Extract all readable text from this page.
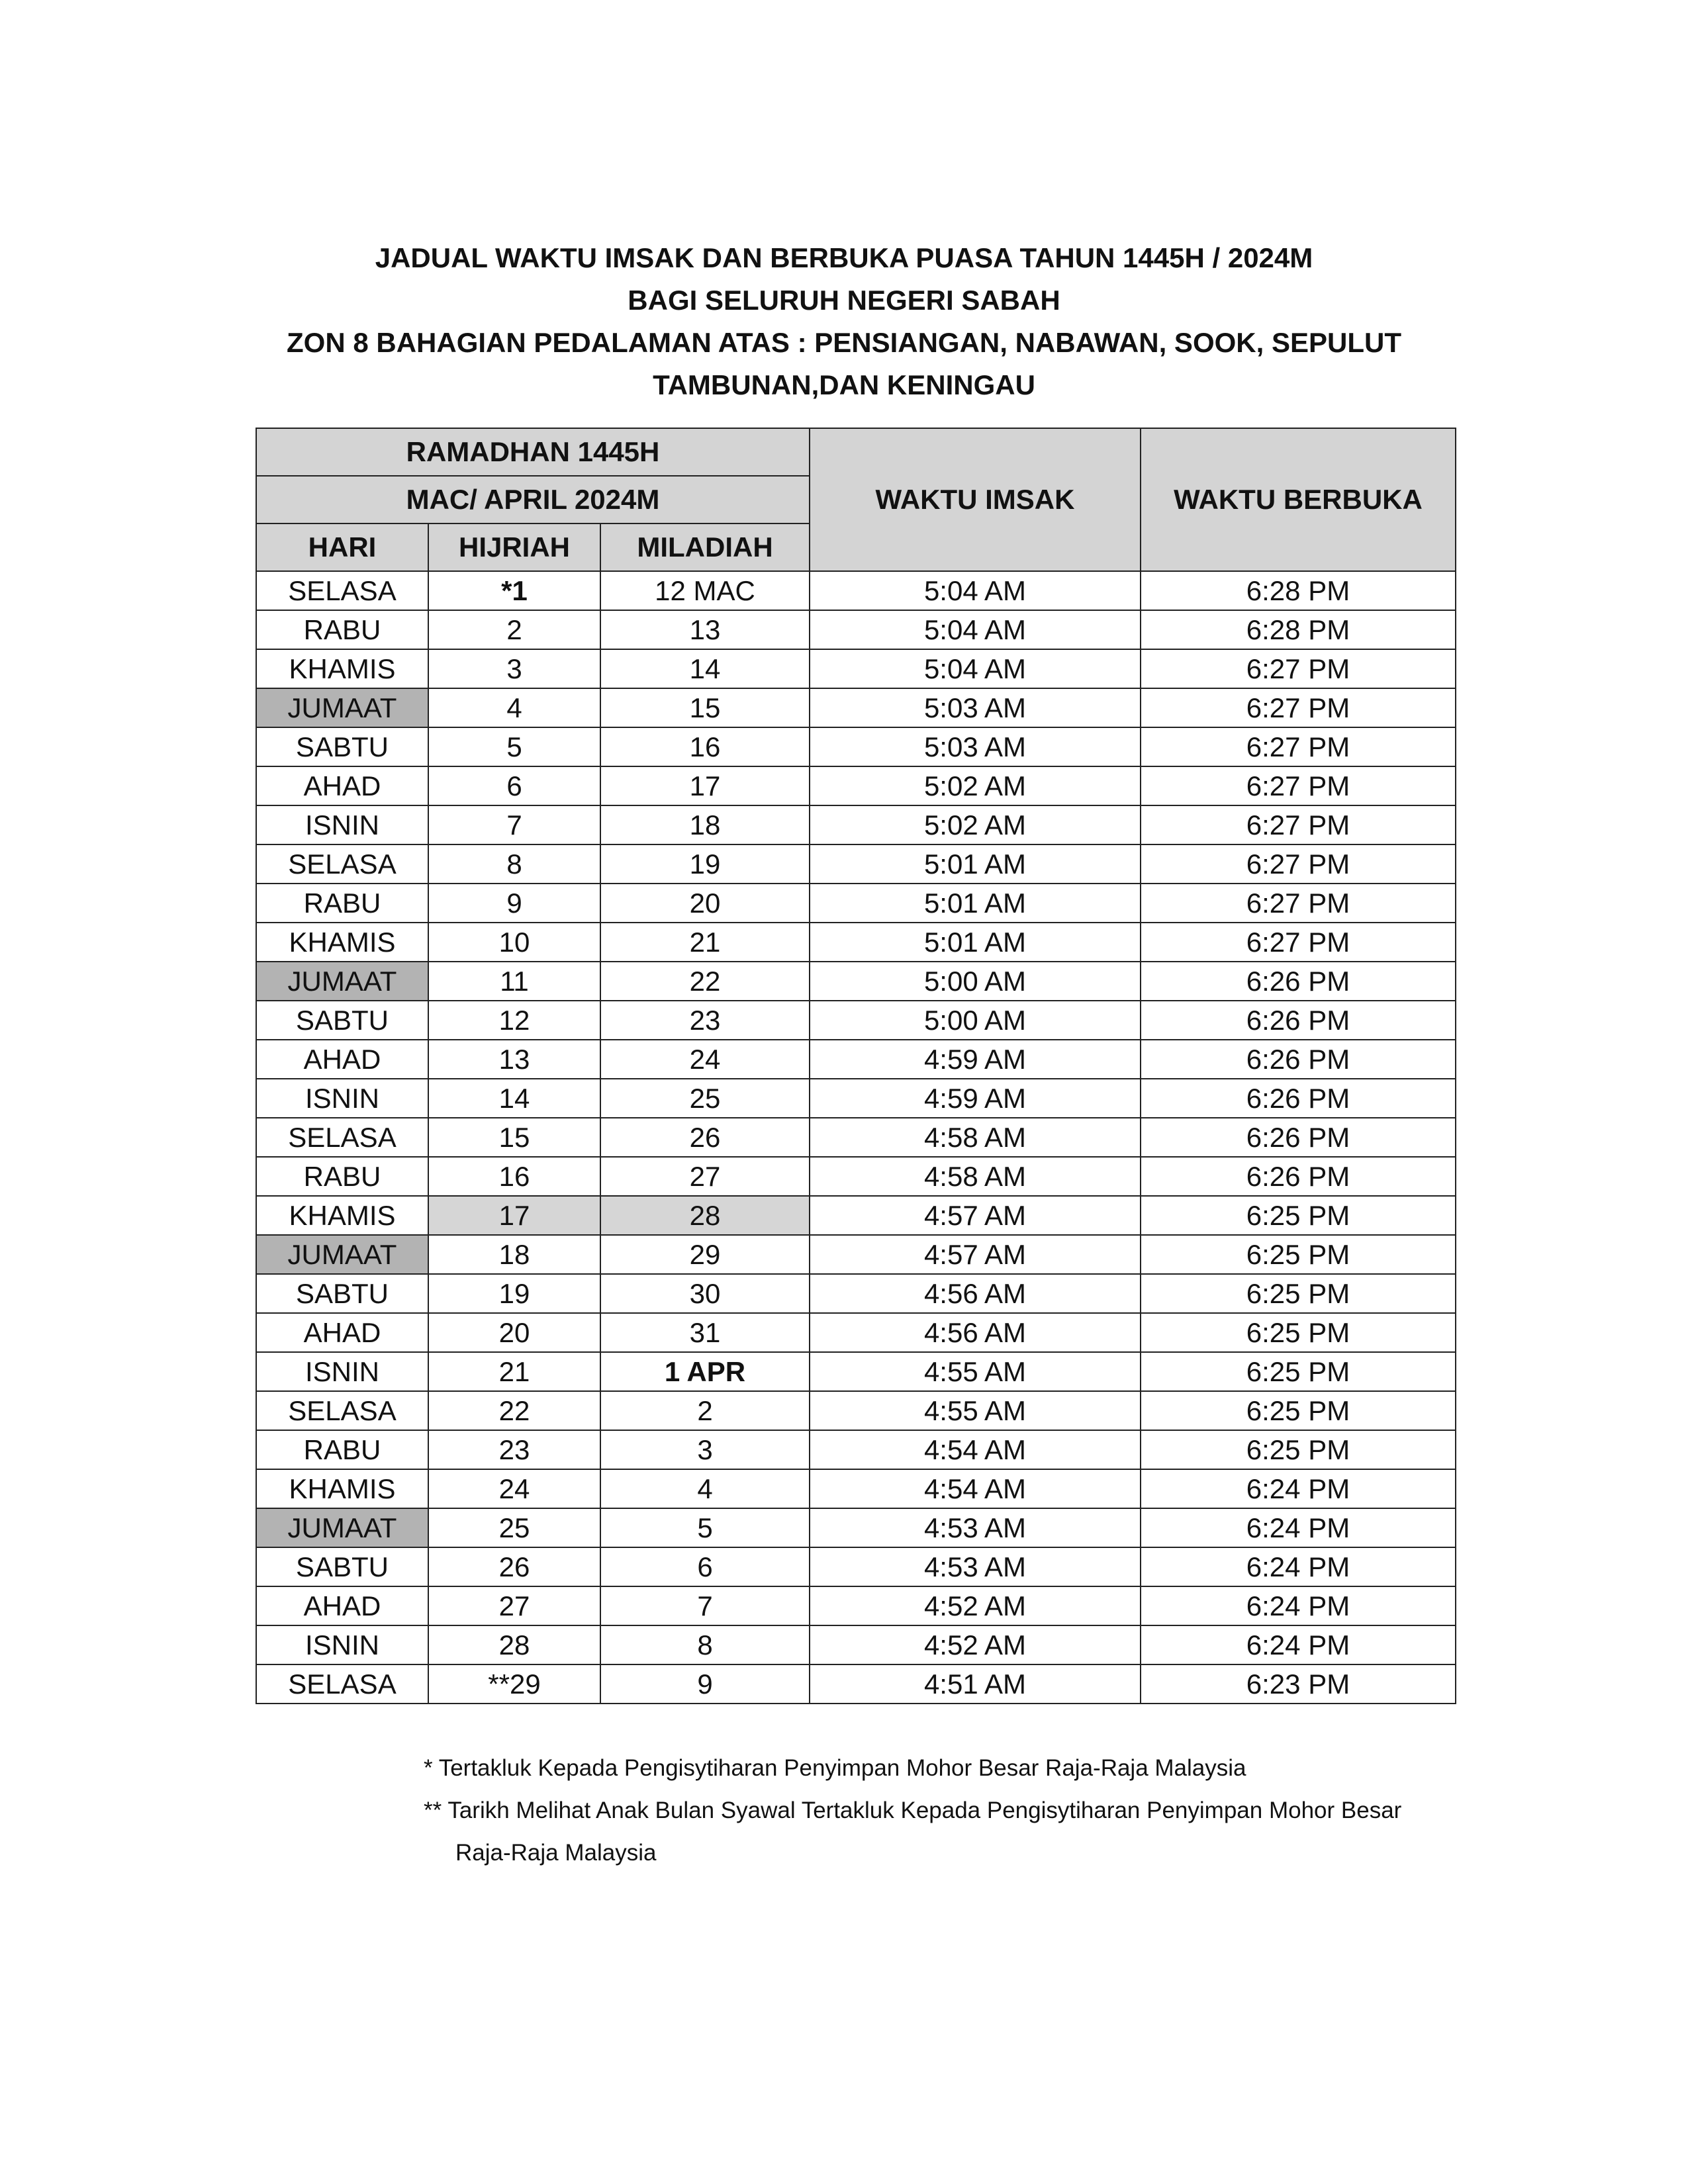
JADUAL WAKTU IMSAK DAN BERBUKA PUASA TAHUN 1445H / 2024M
BAGI SELURUH NEGERI SABAH
ZON 8 BAHAGIAN PEDALAMAN ATAS : PENSIANGAN, NABAWAN, SOOK, SEPULUT
TAMBUNAN,DAN KENINGAU
RAMADHAN 1445H			WAKTU IMSAK	WAKTU BERBUKA
MAC/ APRIL 2024M				
HARI	HIJRIAH	MILADIAH		
SELASA	*1	12 MAC	5:04 AM	6:28 PM
RABU	2	13	5:04 AM	6:28 PM
KHAMIS	3	14	5:04 AM	6:27 PM
JUMAAT	4	15	5:03 AM	6:27 PM
SABTU	5	16	5:03 AM	6:27 PM
AHAD	6	17	5:02 AM	6:27 PM
ISNIN	7	18	5:02 AM	6:27 PM
SELASA	8	19	5:01 AM	6:27 PM
RABU	9	20	5:01 AM	6:27 PM
KHAMIS	10	21	5:01 AM	6:27 PM
JUMAAT	11	22	5:00 AM	6:26 PM
SABTU	12	23	5:00 AM	6:26 PM
AHAD	13	24	4:59 AM	6:26 PM
ISNIN	14	25	4:59 AM	6:26 PM
SELASA	15	26	4:58 AM	6:26 PM
RABU	16	27	4:58 AM	6:26 PM
KHAMIS	17	28	4:57 AM	6:25 PM
JUMAAT	18	29	4:57 AM	6:25 PM
SABTU	19	30	4:56 AM	6:25 PM
AHAD	20	31	4:56 AM	6:25 PM
ISNIN	21	1 APR	4:55 AM	6:25 PM
SELASA	22	2	4:55 AM	6:25 PM
RABU	23	3	4:54 AM	6:25 PM
KHAMIS	24	4	4:54 AM	6:24 PM
JUMAAT	25	5	4:53 AM	6:24 PM
SABTU	26	6	4:53 AM	6:24 PM
AHAD	27	7	4:52 AM	6:24 PM
ISNIN	28	8	4:52 AM	6:24 PM
SELASA	**29	9	4:51 AM	6:23 PM
* Tertakluk Kepada Pengisytiharan Penyimpan Mohor Besar Raja-Raja Malaysia
** Tarikh Melihat Anak Bulan Syawal Tertakluk Kepada Pengisytiharan Penyimpan Mohor Besar
Raja-Raja Malaysia
